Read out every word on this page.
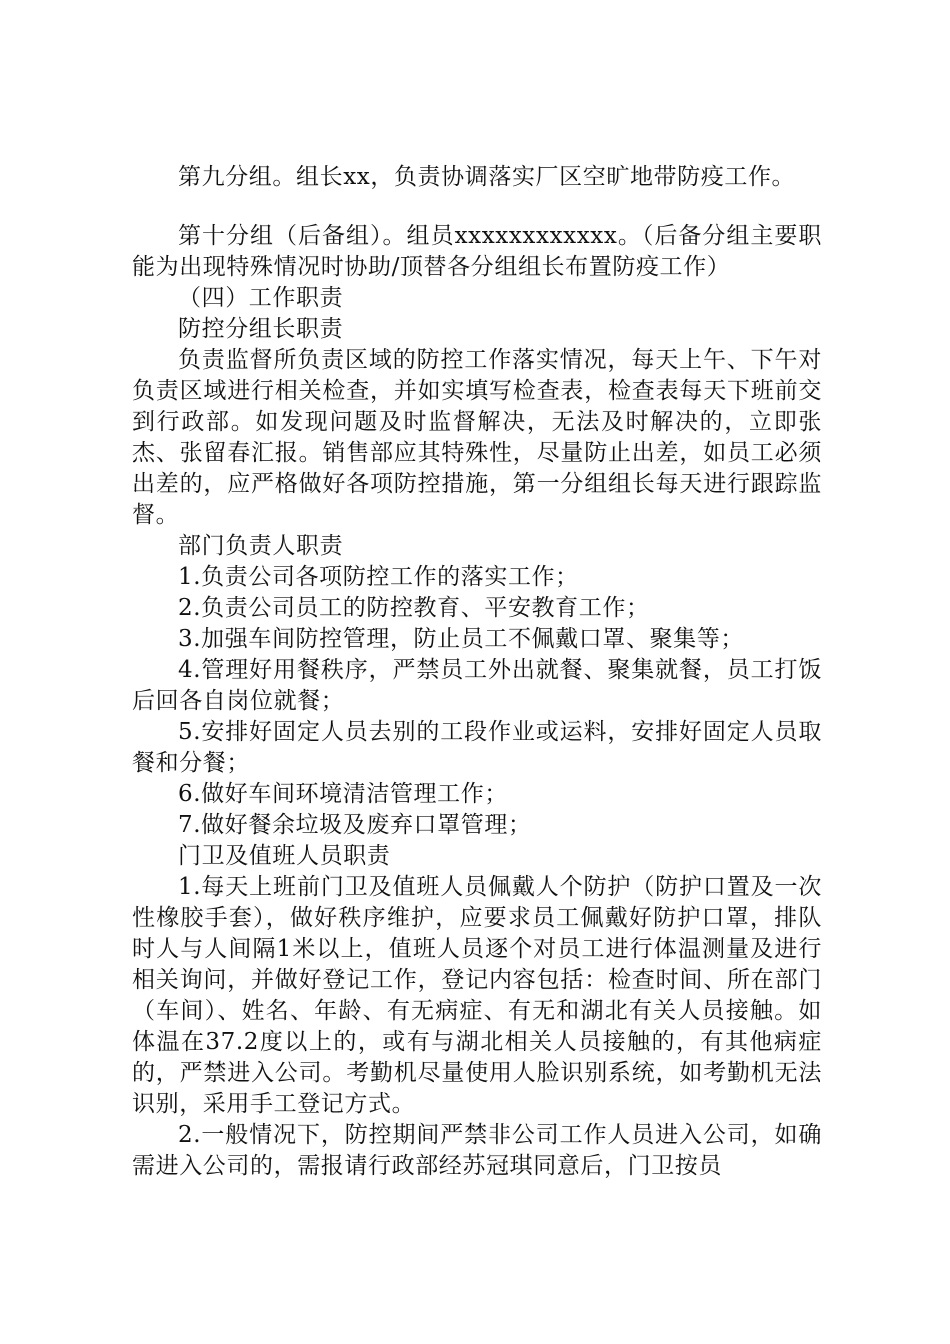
第九分组。组长xx，负责协调落实厂区空旷地带防疫工作。

第十分组（后备组）。组员xxxxxxxxxxxx。（后备分组主要职能为出现特殊情况时协助/顶替各分组组长布置防疫工作）

（四）工作职责

防控分组长职责

负责监督所负责区域的防控工作落实情况，每天上午、下午对负责区域进行相关检查，并如实填写检查表，检查表每天下班前交到行政部。如发现问题及时监督解决，无法及时解决的，立即张杰、张留春汇报。销售部应其特殊性，尽量防止出差，如员工必须出差的，应严格做好各项防控措施，第一分组组长每天进行跟踪监督。

部门负责人职责

1.负责公司各项防控工作的落实工作；

2.负责公司员工的防控教育、平安教育工作；

3.加强车间防控管理，防止员工不佩戴口罩、聚集等；

4.管理好用餐秩序，严禁员工外出就餐、聚集就餐，员工打饭后回各自岗位就餐；

5.安排好固定人员去别的工段作业或运料，安排好固定人员取餐和分餐；

6.做好车间环境清洁管理工作；

7.做好餐余垃圾及废弃口罩管理；

门卫及值班人员职责

1.每天上班前门卫及值班人员佩戴人个防护（防护口置及一次性橡胶手套），做好秩序维护，应要求员工佩戴好防护口罩，排队时人与人间隔1米以上，值班人员逐个对员工进行体温测量及进行相关询问，并做好登记工作，登记内容包括：检查时间、所在部门（车间）、姓名、年龄、有无病症、有无和湖北有关人员接触。如体温在37.2度以上的，或有与湖北相关人员接触的，有其他病症的，严禁进入公司。考勤机尽量使用人脸识别系统，如考勤机无法识别，采用手工登记方式。

2.一般情况下，防控期间严禁非公司工作人员进入公司，如确需进入公司的，需报请行政部经苏冠琪同意后，门卫按员
